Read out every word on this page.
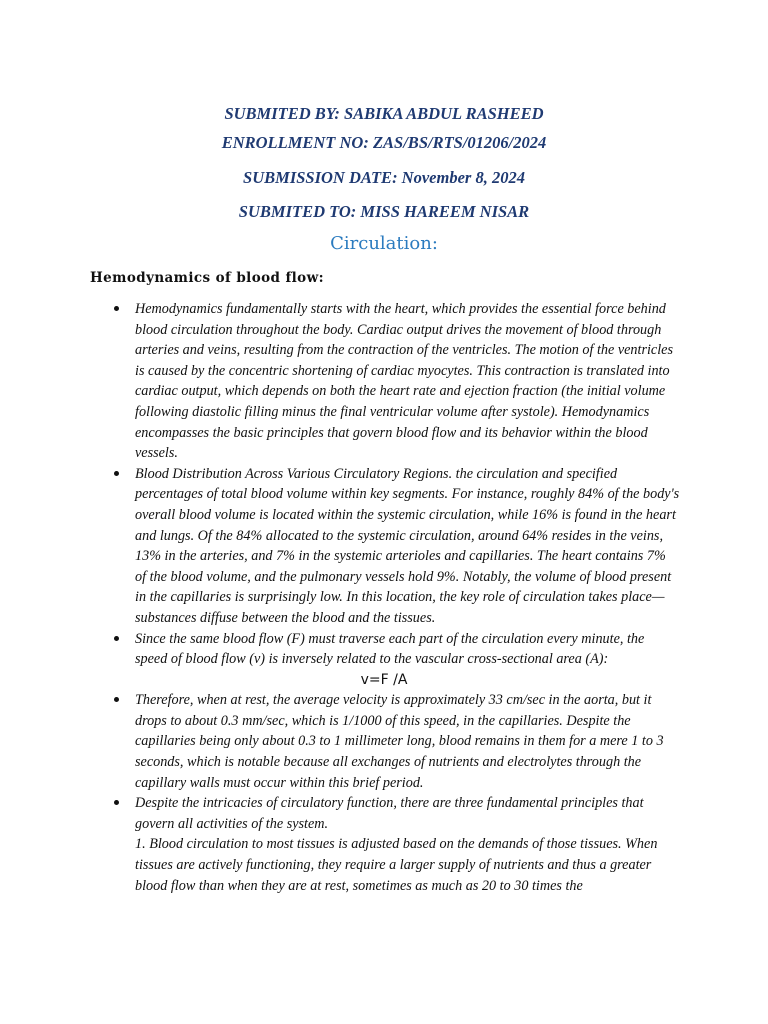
SUBMITED BY: SABIKA ABDUL RASHEED
ENROLLMENT NO: ZAS/BS/RTS/01206/2024
SUBMISSION DATE: November 8, 2024
SUBMITED TO: MISS HAREEM NISAR
Circulation:
Hemodynamics of blood flow:

Hemodynamics fundamentally starts with the heart, which provides the essential force behind blood circulation throughout the body. Cardiac output drives the movement of blood through arteries and veins, resulting from the contraction of the ventricles. The motion of the ventricles is caused by the concentric shortening of cardiac myocytes. This contraction is translated into cardiac output, which depends on both the heart rate and ejection fraction (the initial volume following diastolic filling minus the final ventricular volume after systole). Hemodynamics encompasses the basic principles that govern blood flow and its behavior within the blood vessels.

Blood Distribution Across Various Circulatory Regions. the circulation and specified percentages of total blood volume within key segments. For instance, roughly 84% of the body's overall blood volume is located within the systemic circulation, while 16% is found in the heart and lungs. Of the 84% allocated to the systemic circulation, around 64% resides in the veins, 13% in the arteries, and 7% in the systemic arterioles and capillaries. The heart contains 7% of the blood volume, and the pulmonary vessels hold 9%. Notably, the volume of blood present in the capillaries is surprisingly low. In this location, the key role of circulation takes place—substances diffuse between the blood and the tissues.

Since the same blood flow (F) must traverse each part of the circulation every minute, the speed of blood flow (v) is inversely related to the vascular cross-sectional area (A):

v=F /A

Therefore, when at rest, the average velocity is approximately 33 cm/sec in the aorta, but it drops to about 0.3 mm/sec, which is 1/1000 of this speed, in the capillaries. Despite the capillaries being only about 0.3 to 1 millimeter long, blood remains in them for a mere 1 to 3 seconds, which is notable because all exchanges of nutrients and electrolytes through the capillary walls must occur within this brief period.

Despite the intricacies of circulatory function, there are three fundamental principles that govern all activities of the system.

1. Blood circulation to most tissues is adjusted based on the demands of those tissues. When tissues are actively functioning, they require a larger supply of nutrients and thus a greater blood flow than when they are at rest, sometimes as much as 20 to 30 times the
